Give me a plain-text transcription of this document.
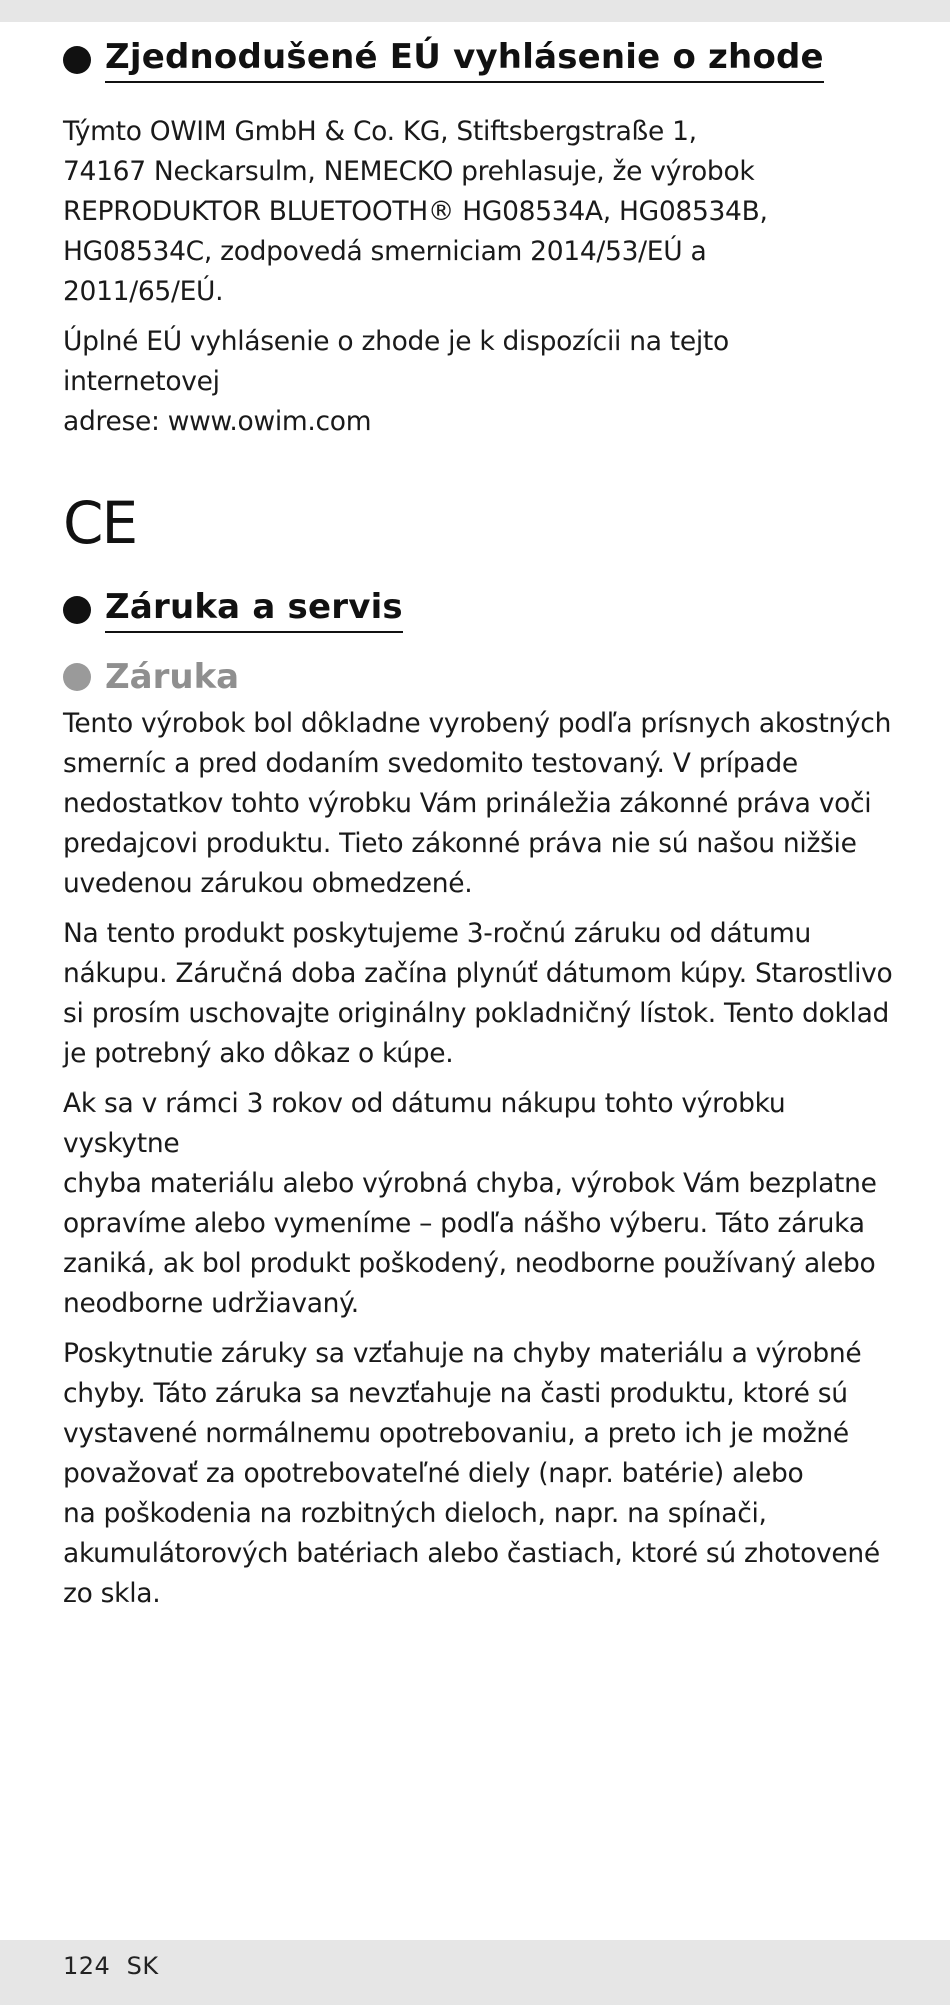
Zjednodušené EÚ vyhlásenie o zhode

Týmto OWIM GmbH & Co. KG, Stiftsbergstraße 1,
74167 Neckarsulm, NEMECKO prehlasuje, že výrobok
REPRODUKTOR BLUETOOTH® HG08534A, HG08534B,
HG08534C, zodpovedá smerniciam 2014/53/EÚ a
2011/65/EÚ.

Úplné EÚ vyhlásenie o zhode je k dispozícii na tejto internetovej
adrese: www.owim.com

CE
Záruka a servis
Záruka

Tento výrobok bol dôkladne vyrobený podľa prísnych akostných
smerníc a pred dodaním svedomito testovaný. V prípade
nedostatkov tohto výrobku Vám prináležia zákonné práva voči
predajcovi produktu. Tieto zákonné práva nie sú našou nižšie
uvedenou zárukou obmedzené.

Na tento produkt poskytujeme 3-ročnú záruku od dátumu
nákupu. Záručná doba začína plynúť dátumom kúpy. Starostlivo
si prosím uschovajte originálny pokladničný lístok. Tento doklad
je potrebný ako dôkaz o kúpe.

Ak sa v rámci 3 rokov od dátumu nákupu tohto výrobku vyskytne
chyba materiálu alebo výrobná chyba, výrobok Vám bezplatne
opravíme alebo vymeníme – podľa nášho výberu. Táto záruka
zaniká, ak bol produkt poškodený, neodborne používaný alebo
neodborne udržiavaný.

Poskytnutie záruky sa vzťahuje na chyby materiálu a výrobné
chyby. Táto záruka sa nevzťahuje na časti produktu, ktoré sú
vystavené normálnemu opotrebovaniu, a preto ich je možné
považovať za opotrebovateľné diely (napr. batérie) alebo
na poškodenia na rozbitných dieloch, napr. na spínači,
akumulátorových batériach alebo častiach, ktoré sú zhotovené
zo skla.

124 SK
